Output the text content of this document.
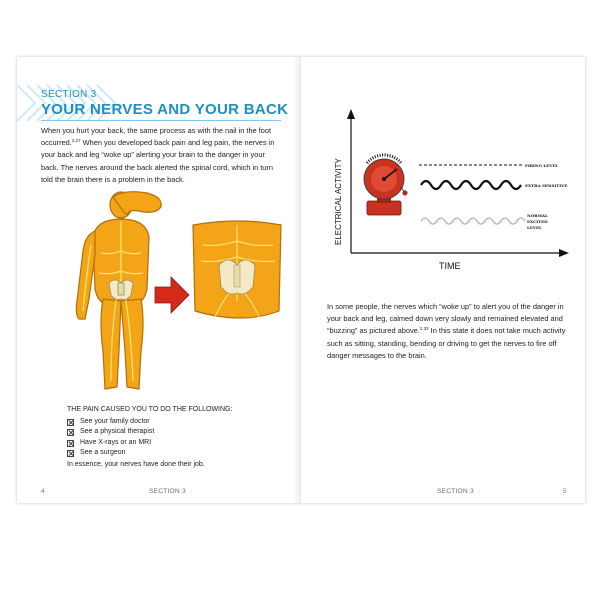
SECTION 3
YOUR NERVES AND YOUR BACK
When you hurt your back, the same process as with the nail in the foot occurred.$^{2,27}$ When you developed back pain and leg pain, the nerves in your back and leg “woke up” alerting your brain to the danger in your back. The nerves around the back alerted the spinal cord, which in turn told the brain there is a problem in the back.
THE PAIN CAUSED YOU TO DO THE FOLLOWING:
See your family doctor
See a physical therapist
Have X-rays or an MRI
See a surgeon
In essence, your nerves have done their job.
4	SECTION 3
ELECTRICAL ACTIVITY
TIME
FIRING LEVEL
EXTRA SENSITIVE
NORMAL
EXCITED
LEVEL
In some people, the nerves which “woke up” to alert you of the danger in your back and leg, calmed down very slowly and remained elevated and “buzzing” as pictured above.$^{2,32}$ In this state it does not take much activity such as sitting, standing, bending or driving to get the nerves to fire off danger messages to the brain.
SECTION 3	5
